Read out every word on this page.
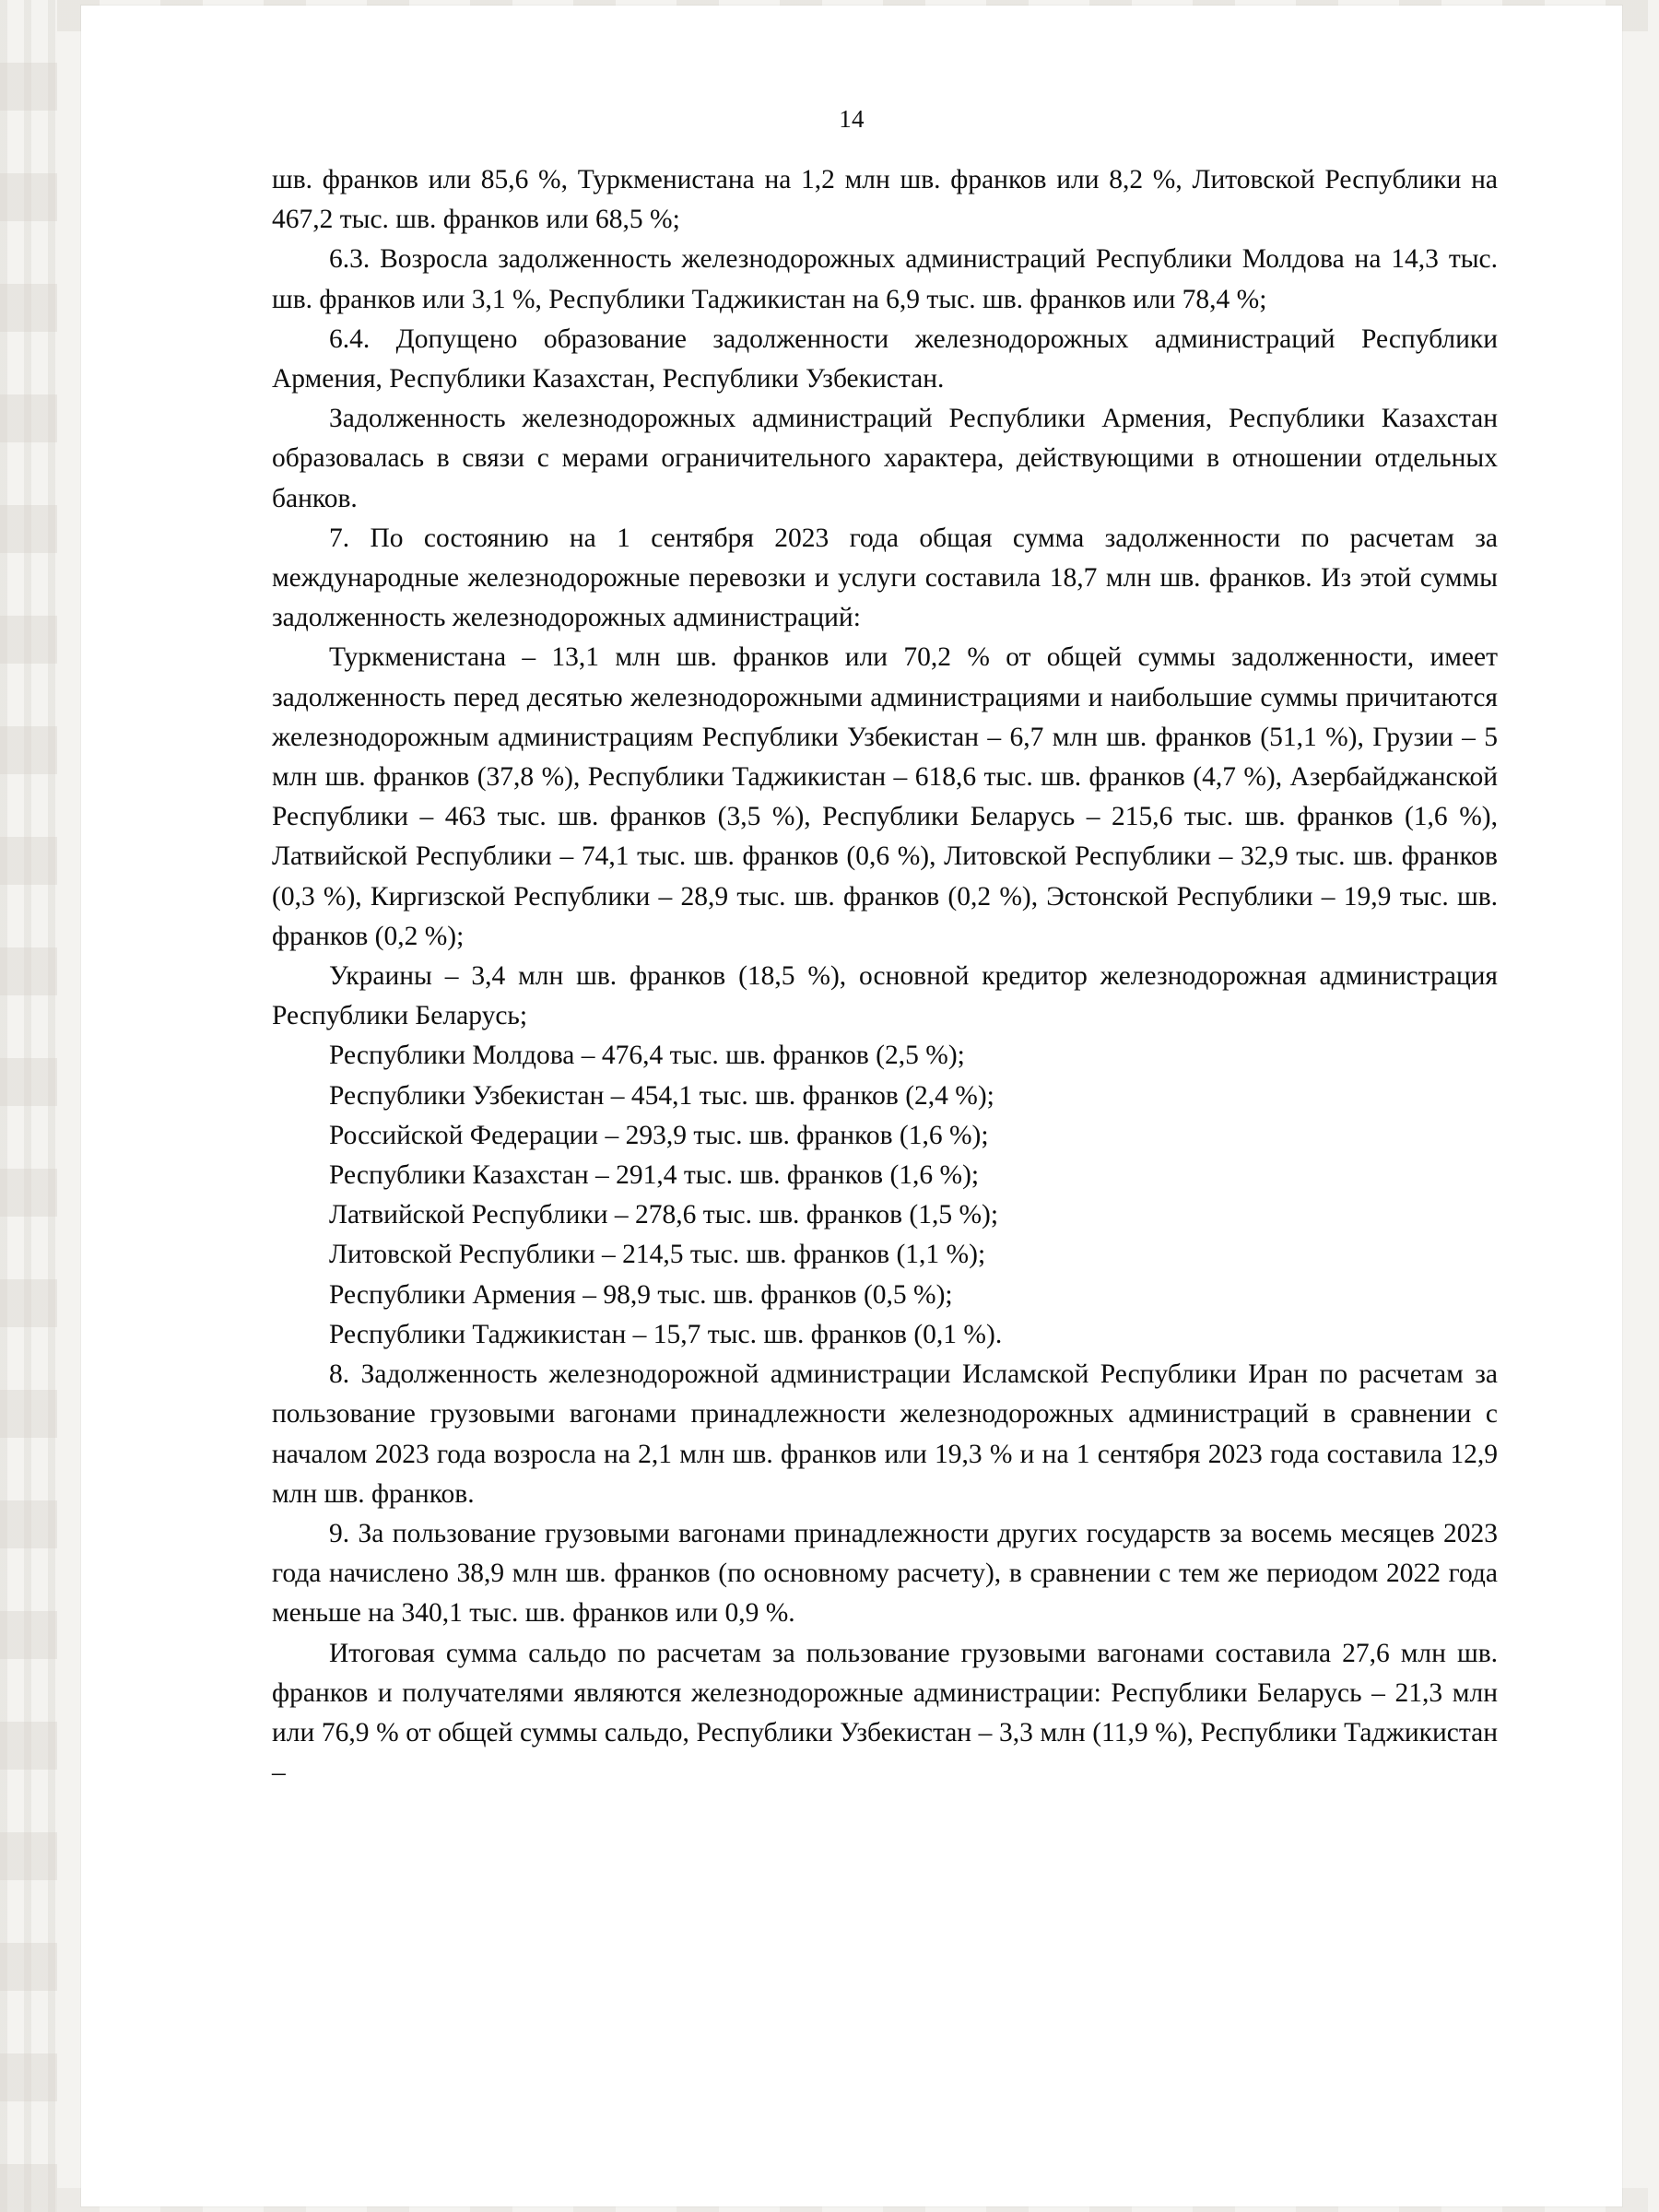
14

шв. франков или 85,6 %, Туркменистана на 1,2 млн шв. франков или 8,2 %, Литовской Республики на 467,2 тыс. шв. франков или 68,5 %;

6.3. Возросла задолженность железнодорожных администраций Республики Молдова на 14,3 тыс. шв. франков или 3,1 %, Республики Таджикистан на 6,9 тыс. шв. франков или 78,4 %;

6.4. Допущено образование задолженности железнодорожных администраций Республики Армения, Республики Казахстан, Республики Узбекистан.

Задолженность железнодорожных администраций Республики Армения, Республики Казахстан образовалась в связи с мерами ограничительного характера, действующими в отношении отдельных банков.

7. По состоянию на 1 сентября 2023 года общая сумма задолженности по расчетам за международные железнодорожные перевозки и услуги составила 18,7 млн шв. франков. Из этой суммы задолженность железнодорожных администраций:

Туркменистана – 13,1 млн шв. франков или 70,2 % от общей суммы задолженности, имеет задолженность перед десятью железнодорожными администрациями и наибольшие суммы причитаются железнодорожным администрациям Республики Узбекистан – 6,7 млн шв. франков (51,1 %), Грузии – 5 млн шв. франков (37,8 %), Республики Таджикистан – 618,6 тыс. шв. франков (4,7 %), Азербайджанской Республики – 463 тыс. шв. франков (3,5 %), Республики Беларусь – 215,6 тыс. шв. франков (1,6 %), Латвийской Республики – 74,1 тыс. шв. франков (0,6 %), Литовской Республики – 32,9 тыс. шв. франков (0,3 %), Киргизской Республики – 28,9 тыс. шв. франков (0,2 %), Эстонской Республики – 19,9 тыс. шв. франков (0,2 %);

Украины – 3,4 млн шв. франков (18,5 %), основной кредитор железнодорожная администрация Республики Беларусь;

Республики Молдова – 476,4 тыс. шв. франков (2,5 %);

Республики Узбекистан – 454,1 тыс. шв. франков (2,4 %);

Российской Федерации – 293,9 тыс. шв. франков (1,6 %);

Республики Казахстан – 291,4 тыс. шв. франков (1,6 %);

Латвийской Республики – 278,6 тыс. шв. франков (1,5 %);

Литовской Республики – 214,5 тыс. шв. франков (1,1 %);

Республики Армения – 98,9 тыс. шв. франков (0,5 %);

Республики Таджикистан – 15,7 тыс. шв. франков (0,1 %).

8. Задолженность железнодорожной администрации Исламской Республики Иран по расчетам за пользование грузовыми вагонами принадлежности железнодорожных администраций в сравнении с началом 2023 года возросла на 2,1 млн шв. франков или 19,3 % и на 1 сентября 2023 года составила 12,9 млн шв. франков.

9. За пользование грузовыми вагонами принадлежности других государств за восемь месяцев 2023 года начислено 38,9 млн шв. франков (по основному расчету), в сравнении с тем же периодом 2022 года меньше на 340,1 тыс. шв. франков или 0,9 %.

Итоговая сумма сальдо по расчетам за пользование грузовыми вагонами составила 27,6 млн шв. франков и получателями являются железнодорожные администрации: Республики Беларусь – 21,3 млн или 76,9 % от общей суммы сальдо, Республики Узбекистан – 3,3 млн (11,9 %), Республики Таджикистан –
